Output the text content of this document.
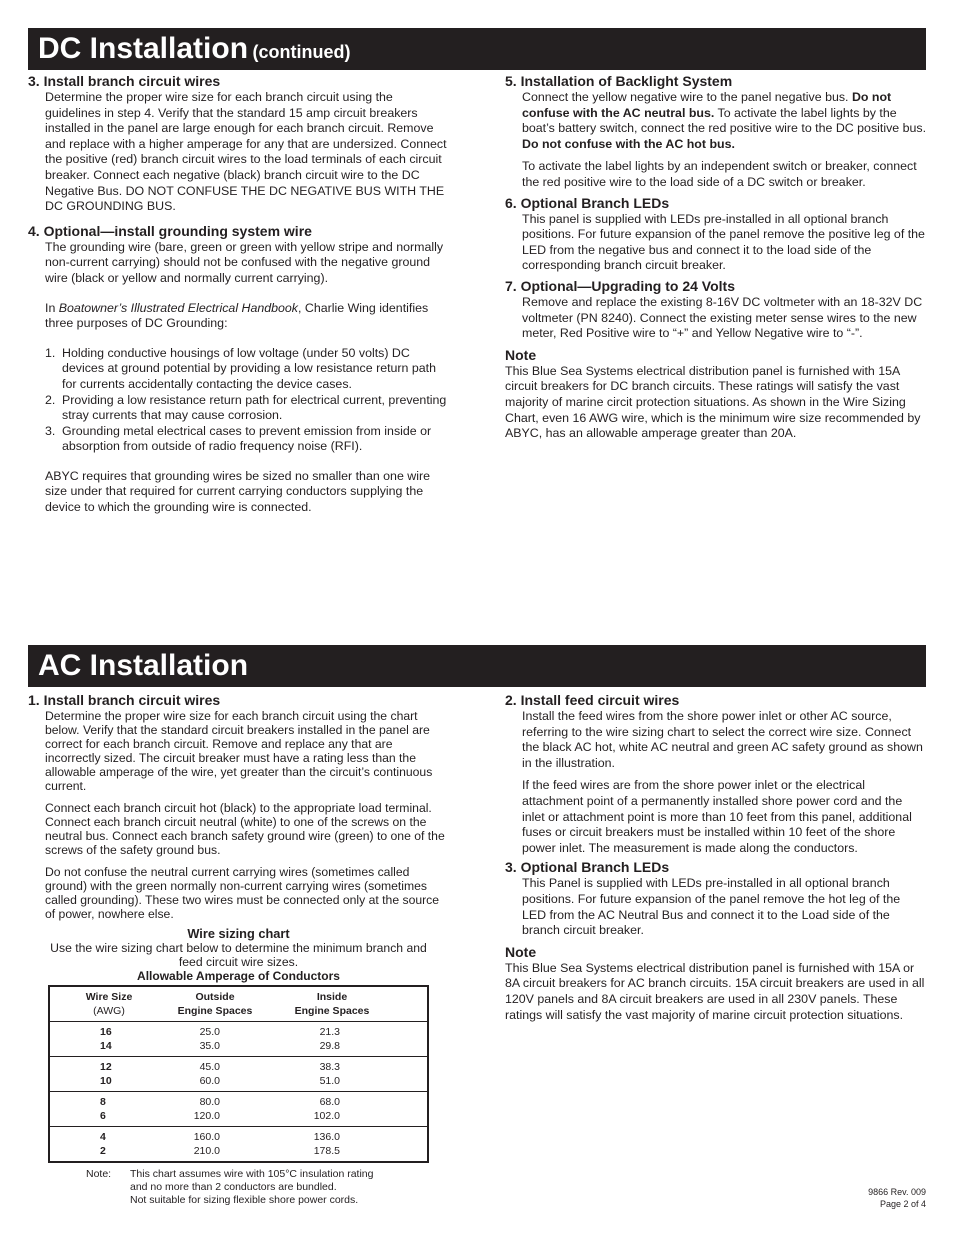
DC Installation (continued)

3. Install branch circuit wires

Determine the proper wire size for each branch circuit using the guidelines in step 4. Verify that the standard 15 amp circuit breakers installed in the panel are large enough for each branch circuit. Remove and replace with a higher amperage for any that are undersized. Connect the positive (red) branch circuit wires to the load terminals of each circuit breaker. Connect each negative (black) branch circuit wire to the DC Negative Bus. DO NOT CONFUSE THE DC NEGATIVE BUS WITH THE DC GROUNDING BUS.

4. Optional—install grounding system wire

The grounding wire (bare, green or green with yellow stripe and normally non-current carrying) should not be confused with the negative ground wire (black or yellow and normally current carrying).

In Boatowner’s Illustrated Electrical Handbook, Charlie Wing identifies three purposes of DC Grounding:

1. Holding conductive housings of low voltage (under 50 volts) DC devices at ground potential by providing a low resistance return path for currents accidentally contacting the device cases.
2. Providing a low resistance return path for electrical current, preventing stray currents that may cause corrosion.
3. Grounding metal electrical cases to prevent emission from inside or absorption from outside of radio frequency noise (RFI).

ABYC requires that grounding wires be sized no smaller than one wire size under that required for current carrying conductors supplying the device to which the grounding wire is connected.

5. Installation of Backlight System

Connect the yellow negative wire to the panel negative bus. Do not confuse with the AC neutral bus. To activate the label lights by the boat’s battery switch, connect the red positive wire to the DC positive bus. Do not confuse with the AC hot bus.

To activate the label lights by an independent switch or breaker, connect the red positive wire to the load side of a DC switch or breaker.

6. Optional Branch LEDs

This panel is supplied with LEDs pre-installed in all optional branch positions. For future expansion of the panel remove the positive leg of the LED from the negative bus and connect it to the load side of the corresponding branch circuit breaker.

7. Optional—Upgrading to 24 Volts

Remove and replace the existing 8-16V DC voltmeter with an 18-32V DC voltmeter (PN 8240). Connect the existing meter sense wires to the new meter, Red Positive wire to “+” and Yellow Negative wire to “-”.

Note

This Blue Sea Systems electrical distribution panel is furnished with 15A circuit breakers for DC branch circuits. These ratings will satisfy the vast majority of marine circit protection situations. As shown in the Wire Sizing Chart, even 16 AWG wire, which is the minimum wire size recommended by ABYC, has an allowable amperage greater than 20A.

AC Installation

1. Install branch circuit wires

Determine the proper wire size for each branch circuit using the chart below. Verify that the standard circuit breakers installed in the panel are correct for each branch circuit. Remove and replace any that are incorrectly sized. The circuit breaker must have a rating less than the allowable amperage of the wire, yet greater than the circuit’s continuous current.

Connect each branch circuit hot (black) to the appropriate load terminal. Connect each branch circuit neutral (white) to one of the screws on the neutral bus. Connect each branch safety ground wire (green) to one of the screws of the safety ground bus.

Do not confuse the neutral current carrying wires (sometimes called ground) with the green normally non-current carrying wires (sometimes called grounding). These two wires must be connected only at the source of power, nowhere else.

Wire sizing chart
Use the wire sizing chart below to determine the minimum branch and feed circuit wire sizes.
Allowable Amperage of Conductors
Wire Size
(AWG)
Outside
Engine Spaces
Inside
Engine Spaces
16
14
25.0
35.0
21.3
29.8
12
10
45.0
60.0
38.3
51.0
8
6
80.0
120.0
68.0
102.0
4
2
160.0
210.0
136.0
178.5
Note: This chart assumes wire with 105°C insulation rating
and no more than 2 conductors are bundled.
Not suitable for sizing flexible shore power cords.

2. Install feed circuit wires

Install the feed wires from the shore power inlet or other AC source, referring to the wire sizing chart to select the correct wire size. Connect the black AC hot, white AC neutral and green AC safety ground as shown in the illustration.

If the feed wires are from the shore power inlet or the electrical attachment point of a permanently installed shore power cord and the inlet or attachment point is more than 10 feet from this panel, additional fuses or circuit breakers must be installed within 10 feet of the shore power inlet. The measurement is made along the conductors.

3. Optional Branch LEDs

This Panel is supplied with LEDs pre-installed in all optional branch positions. For future expansion of the panel remove the hot leg of the LED from the AC Neutral Bus and connect it to the Load side of the branch circuit breaker.

Note

This Blue Sea Systems electrical distribution panel is furnished with 15A or 8A circuit breakers for AC branch circuits. 15A circuit breakers are used in all 120V panels and 8A circuit breakers are used in all 230V panels. These ratings will satisfy the vast majority of marine circuit protection situations.

9866 Rev. 009
Page 2 of 4
